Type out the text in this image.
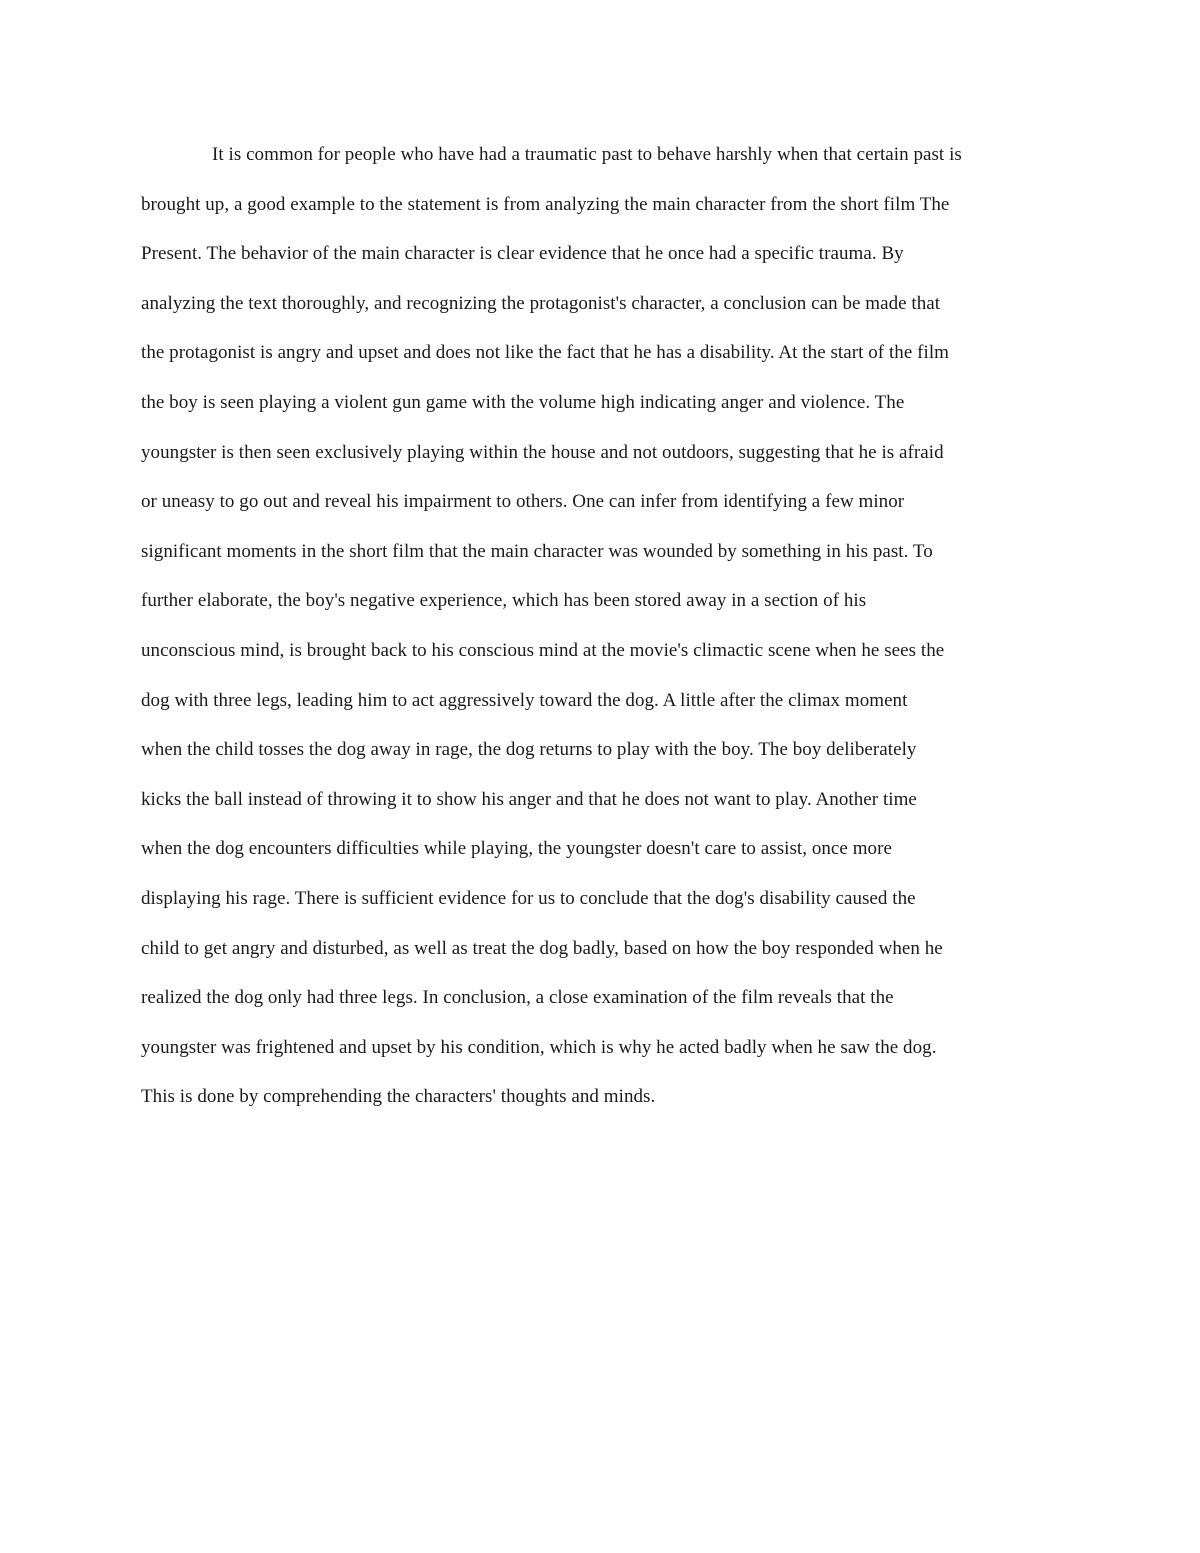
It is common for people who have had a traumatic past to behave harshly when that certain past is
brought up, a good example to the statement is from analyzing the main character from the short film The
Present. The behavior of the main character is clear evidence that he once had a specific trauma. By
analyzing the text thoroughly, and recognizing the protagonist's character, a conclusion can be made that
the protagonist is angry and upset and does not like the fact that he has a disability. At the start of the film
the boy is seen playing a violent gun game with the volume high indicating anger and violence. The
youngster is then seen exclusively playing within the house and not outdoors, suggesting that he is afraid
or uneasy to go out and reveal his impairment to others. One can infer from identifying a few minor
significant moments in the short film that the main character was wounded by something in his past. To
further elaborate, the boy's negative experience, which has been stored away in a section of his
unconscious mind, is brought back to his conscious mind at the movie's climactic scene when he sees the
dog with three legs, leading him to act aggressively toward the dog. A little after the climax moment
when the child tosses the dog away in rage, the dog returns to play with the boy. The boy deliberately
kicks the ball instead of throwing it to show his anger and that he does not want to play. Another time
when the dog encounters difficulties while playing, the youngster doesn't care to assist, once more
displaying his rage. There is sufficient evidence for us to conclude that the dog's disability caused the
child to get angry and disturbed, as well as treat the dog badly, based on how the boy responded when he
realized the dog only had three legs. In conclusion, a close examination of the film reveals that the
youngster was frightened and upset by his condition, which is why he acted badly when he saw the dog.
This is done by comprehending the characters' thoughts and minds.
